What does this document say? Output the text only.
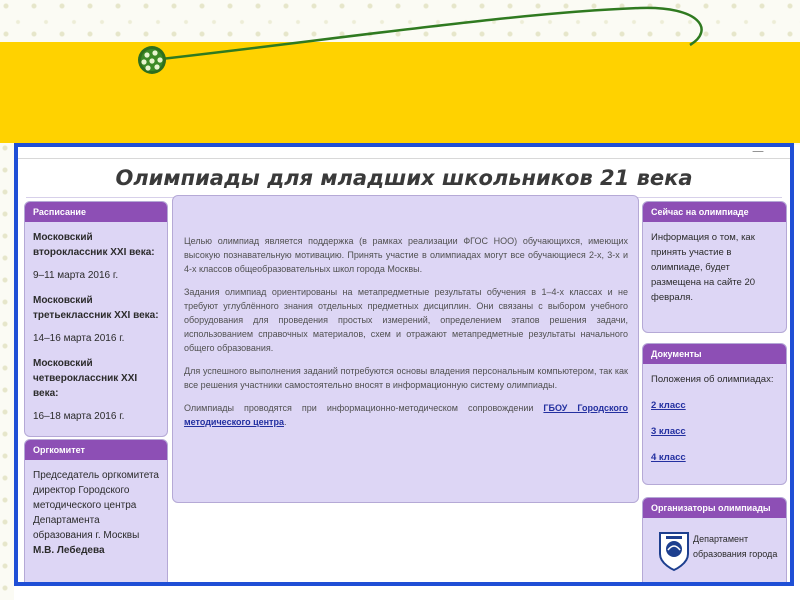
—
Олимпиады для младших школьников 21 века
Расписание
Московский второклассник XXI века:
9–11 марта 2016 г.
Московский третьеклассник XXI века:
14–16 марта 2016 г.
Московский четвероклассник XXI века:
16–18 марта 2016 г.
Оргкомитет
Председатель оргкомитета директор Городского методического центра Департамента образования г. Москвы
М.В. Лебедева

Целью олимпиад является поддержка (в рамках реализации ФГОС НОО) обучающихся, имеющих высокую познавательную мотивацию. Принять участие в олимпиадах могут все обучающиеся 2-х, 3-х и 4-х классов общеобразовательных школ города Москвы.

Задания олимпиад ориентированы на метапредметные результаты обучения в 1–4-х классах и не требуют углублённого знания отдельных предметных дисциплин. Они связаны с выбором учебного оборудования для проведения простых измерений, определением этапов решения задачи, использованием справочных материалов, схем и отражают метапредметные результаты начального общего образования.

Для успешного выполнения заданий потребуются основы владения персональным компьютером, так как все решения участники самостоятельно вносят в информационную систему олимпиады.

Олимпиады проводятся при информационно-методическом сопровождении ГБОУ Городского методического центра.

Сейчас на олимпиаде
Информация о том, как принять участие в олимпиаде, будет размещена на сайте 20 февраля.
Документы
Положения об олимпиадах:
2 класс
3 класс
4 класс
Организаторы олимпиады
Департамент образования города
